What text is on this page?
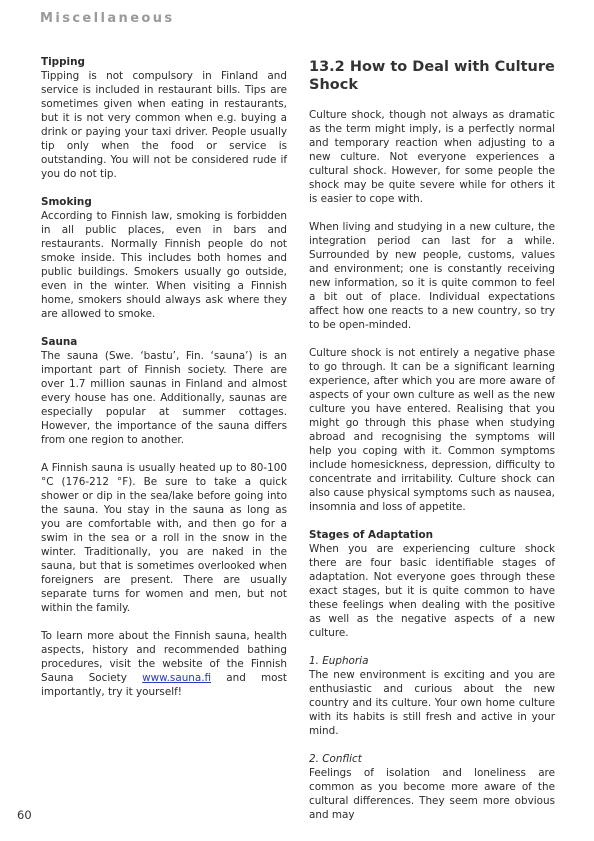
Miscellaneous
Tipping

Tipping is not compulsory in Finland and service is included in restaurant bills. Tips are sometimes given when eating in restaurants, but it is not very common when e.g. buying a drink or paying your taxi driver. People usually tip only when the food or service is outstanding. You will not be considered rude if you do not tip.

Smoking

According to Finnish law, smoking is forbidden in all public places, even in bars and restaurants. Normally Finnish people do not smoke inside. This includes both homes and public buildings. Smokers usually go outside, even in the winter. When visiting a Finnish home, smokers should always ask where they are allowed to smoke.

Sauna

The sauna (Swe. ‘bastu’, Fin. ‘sauna’) is an important part of Finnish society. There are over 1.7 million saunas in Finland and almost every house has one. Additionally, saunas are especially popular at summer cottages. However, the importance of the sauna differs from one region to another.

A Finnish sauna is usually heated up to 80-100 °C (176-212 °F). Be sure to take a quick shower or dip in the sea/lake before going into the sauna. You stay in the sauna as long as you are comfortable with, and then go for a swim in the sea or a roll in the snow in the winter. Traditionally, you are naked in the sauna, but that is sometimes overlooked when foreigners are present. There are usually separate turns for women and men, but not within the family.

To learn more about the Finnish sauna, health aspects, history and recommended bathing procedures, visit the website of the Finnish Sauna Society www.sauna.fi and most importantly, try it yourself!

13.2 How to Deal with Culture Shock

Culture shock, though not always as dramatic as the term might imply, is a perfectly normal and temporary reaction when adjusting to a new culture. Not everyone experiences a cultural shock. However, for some people the shock may be quite severe while for others it is easier to cope with.

When living and studying in a new culture, the integration period can last for a while. Surrounded by new people, customs, values and environment; one is constantly receiving new information, so it is quite common to feel a bit out of place. Individual expectations affect how one reacts to a new country, so try to be open-minded.

Culture shock is not entirely a negative phase to go through. It can be a significant learning experience, after which you are more aware of aspects of your own culture as well as the new culture you have entered. Realising that you might go through this phase when studying abroad and recognising the symptoms will help you coping with it. Common symptoms include homesickness, depression, difficulty to concentrate and irritability. Culture shock can also cause physical symptoms such as nausea, insomnia and loss of appetite.

Stages of Adaptation

When you are experiencing culture shock there are four basic identifiable stages of adaptation. Not everyone goes through these exact stages, but it is quite common to have these feelings when dealing with the positive as well as the negative aspects of a new culture.

1. Euphoria

The new environment is exciting and you are enthusiastic and curious about the new country and its culture. Your own home culture with its habits is still fresh and active in your mind.

2. Conflict

Feelings of isolation and loneliness are common as you become more aware of the cultural differences. They seem more obvious and may

60
